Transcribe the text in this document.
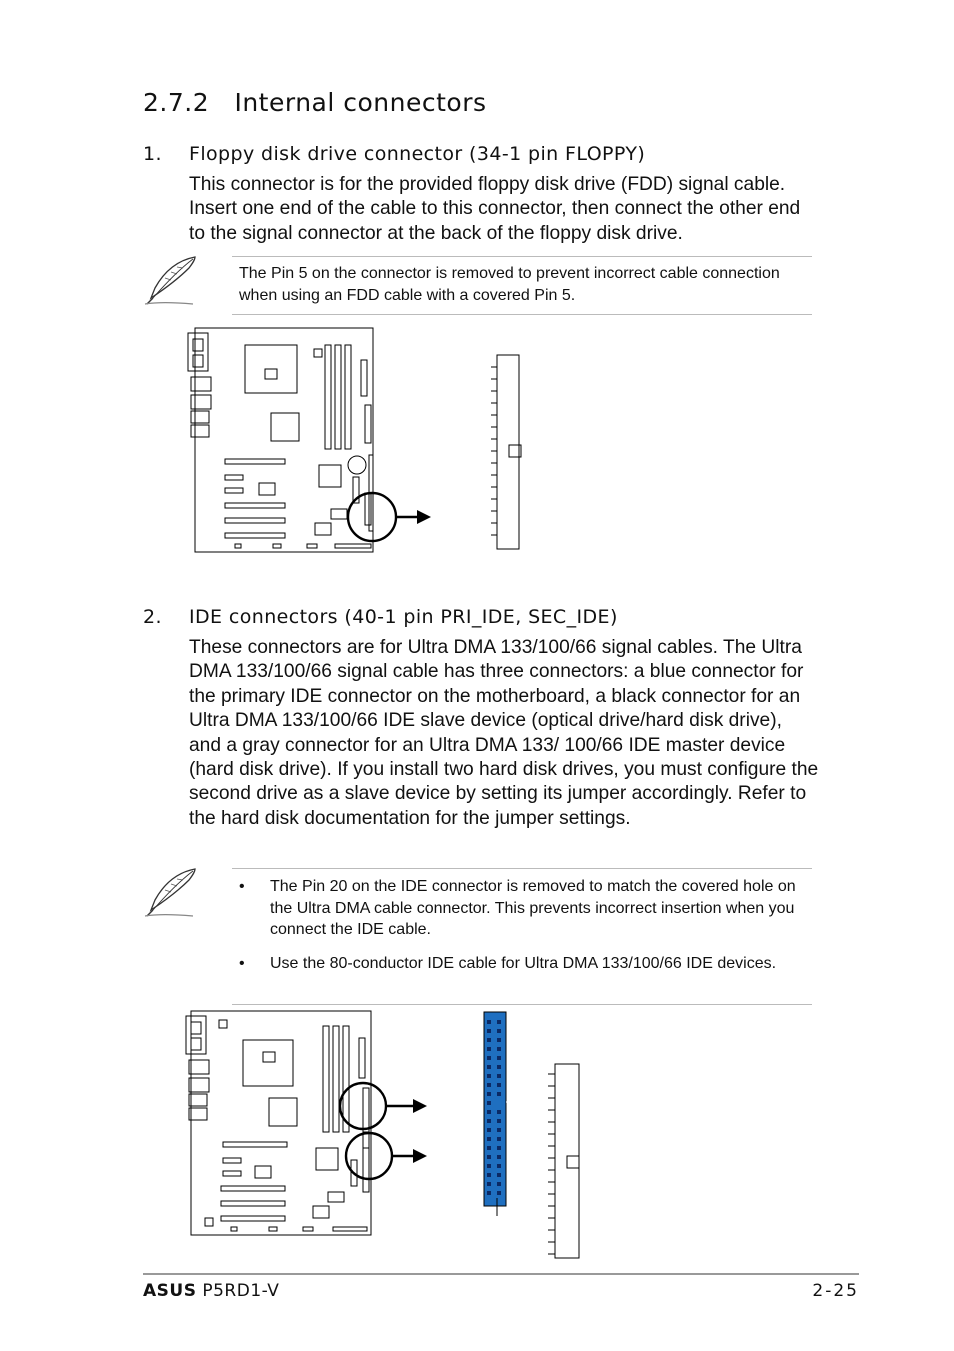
2.7.2 Internal connectors
1. Floppy disk drive connector (34-1 pin FLOPPY)

This connector is for the provided floppy disk drive (FDD) signal cable. Insert one end of the cable to this connector, then connect the other end to the signal connector at the back of the floppy disk drive.

The Pin 5 on the connector is removed to prevent incorrect cable connection when using an FDD cable with a covered Pin 5.

2. IDE connectors (40-1 pin PRI_IDE, SEC_IDE)

These connectors are for Ultra DMA 133/100/66 signal cables. The Ultra DMA 133/100/66 signal cable has three connectors: a blue connector for the primary IDE connector on the motherboard, a black connector for an Ultra DMA 133/100/66 IDE slave device (optical drive/hard disk drive), and a gray connector for an Ultra DMA 133/ 100/66 IDE master device (hard disk drive). If you install two hard disk drives, you must configure the second drive as a slave device by setting its jumper accordingly. Refer to the hard disk documentation for the jumper settings.

• The Pin 20 on the IDE connector is removed to match the covered hole on the Ultra DMA cable connector. This prevents incorrect insertion when you connect the IDE cable.
• Use the 80-conductor IDE cable for Ultra DMA 133/100/66 IDE devices.

ASUS P5RD1-V	2-25
